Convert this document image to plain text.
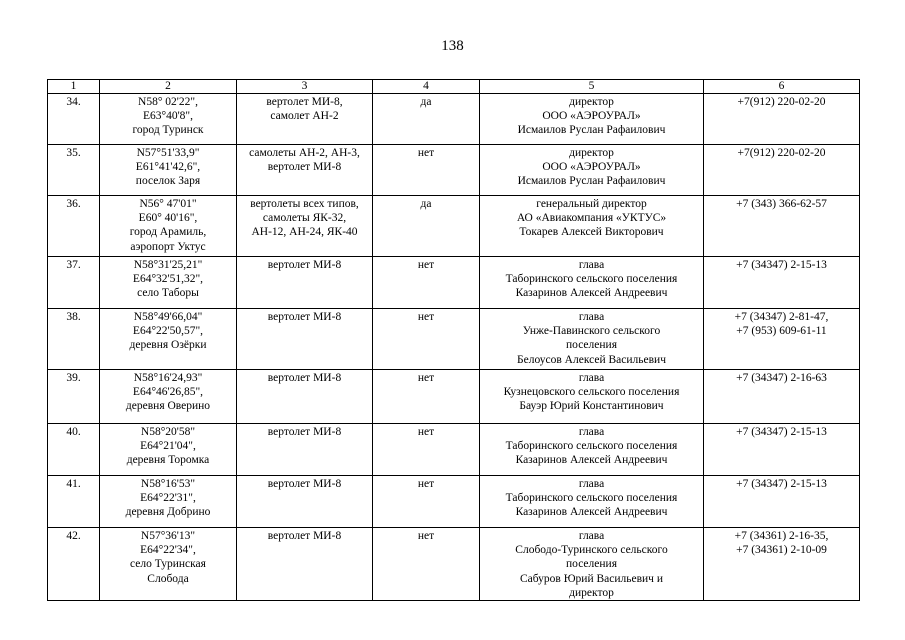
138
1	2	3	4	5	6
34.	N58° 02'22",
E63°40'8",
город Туринск	вертолет МИ-8,
самолет АН-2	да	директор
ООО «АЭРОУРАЛ»
Исмаилов Руслан Рафаилович	+7(912) 220-02-20
35.	N57°51'33,9"
E61°41'42,6",
поселок Заря	самолеты АН-2, АН-3,
вертолет МИ-8	нет	директор
ООО «АЭРОУРАЛ»
Исмаилов Руслан Рафаилович	+7(912) 220-02-20
36.	N56° 47'01"
E60° 40'16",
город Арамиль,
аэропорт Уктус	вертолеты всех типов,
самолеты ЯК-32,
АН-12, АН-24, ЯК-40	да	генеральный директор
АО «Авиакомпания «УКТУС»
Токарев Алексей Викторович	+7 (343) 366-62-57
37.	N58°31'25,21"
E64°32'51,32",
село Таборы	вертолет МИ-8	нет	глава
Таборинского сельского поселения
Казаринов Алексей Андреевич	+7 (34347) 2-15-13
38.	N58°49'66,04"
E64°22'50,57",
деревня Озёрки	вертолет МИ-8	нет	глава
Унже-Павинского сельского
поселения
Белоусов Алексей Васильевич	+7 (34347) 2-81-47,
+7 (953) 609-61-11
39.	N58°16'24,93"
E64°46'26,85",
деревня Оверино	вертолет МИ-8	нет	глава
Кузнецовского сельского поселения
Бауэр Юрий Константинович	+7 (34347) 2-16-63
40.	N58°20'58"
E64°21'04",
деревня Торомка	вертолет МИ-8	нет	глава
Таборинского сельского поселения
Казаринов Алексей Андреевич	+7 (34347) 2-15-13
41.	N58°16'53"
E64°22'31",
деревня Добрино	вертолет МИ-8	нет	глава
Таборинского сельского поселения
Казаринов Алексей Андреевич	+7 (34347) 2-15-13
42.	N57°36'13"
E64°22'34",
село Туринская
Слобода	вертолет МИ-8	нет	глава
Слободо-Туринского сельского
поселения
Сабуров Юрий Васильевич и
директор	+7 (34361) 2-16-35,
+7 (34361) 2-10-09
